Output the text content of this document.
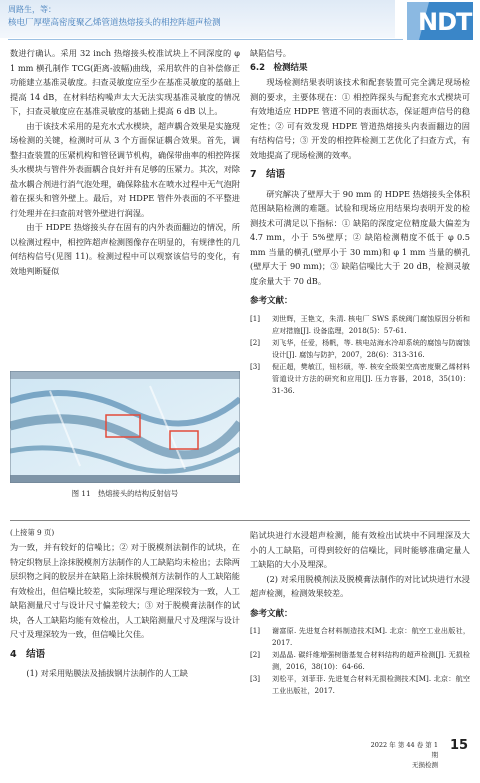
周路生，等：
核电厂厚壁高密度聚乙烯管道热熔接头的相控阵超声检测	NDT

数进行确认。采用 32 inch 热熔接头校准试块上不同深度的 φ 1 mm 横孔制作 TCG(距离-波幅)曲线，采用软件的自补偿修正功能建立基准灵敏度。扫查灵敏度应至少在基准灵敏度的基础上提高 14 dB，在材料结构噪声太大无法实现基准灵敏度的情况下，扫查灵敏度应在基准灵敏度的基础上提高 6 dB 以上。

由于该技术采用的是充水式水楔块，超声耦合效果是实施现场检测的关键，检测时可从 3 个方面保证耦合效果。首先，调整扫查装置的压紧机构和管径调节机构，确保带曲率的相控阵探头水楔块与管件外表面耦合良好并有足够的压紧力。其次，对除盐水耦合剂进行消气泡处理，确保除盐水在喷水过程中无气泡附着在探头和管外壁上。最后，对 HDPE 管件外表面的不平整进行处理并在扫查前对管外壁进行润湿。

由于 HDPE 热熔接头存在固有的内外表面翻边的情况，所以检测过程中，相控阵超声检测图像存在明显的，有规律性的几何结构信号(见图 11)。检测过程中可以观察该信号的变化，有效地判断疑似

图 11　热熔接头的结构反射信号

缺陷信号。

6.2　检测结果

现场检测结果表明该技术和配套装置可完全满足现场检测的要求，主要体现在：① 相控阵探头与配套充水式楔块可有效地适应 HDPE 管道不同的表面状态，保证超声信号的稳定性；② 可有效发现 HDPE 管道热熔接头内表面翻边的固有结构信号；③ 开发的相控阵检测工艺优化了扫查方式，有效地提高了现场检测的效率。

7　结语

研究解决了壁厚大于 90 mm 的 HDPE 热熔接头全体积范围缺陷检测的难题。试验和现场应用结果均表明开发的检测技术可满足以下指标：① 缺陷的深度定位精度最大偏差为 4.7 mm，小于 5%壁厚；② 缺陷检测精度不低于 φ 0.5 mm 当量的横孔(壁厚小于 30 mm)和 φ 1 mm 当量的横孔(壁厚大于 90 mm)；③ 缺陷信噪比大于 20 dB，检测灵敏度余量大于 70 dB。

参考文献：
[1]	刘世辉，王艳文，朱清. 核电厂 SWS 系统阀门腐蚀原因分析和应对措施[J]. 设备监理，2018(5)：57-61.
[2]	刘飞华，任爱，杨帆，等. 核电站海水冷却系统的腐蚀与防腐蚀设计[J]. 腐蚀与防护，2007，28(6)：313-316.
[3]	倪正超，樊敏江，钮杉硕，等. 核安全级架空高密度聚乙烯材料管道设计方法的研究和应用[J]. 压力容器，2018，35(10)：31-36.
(上接第 9 页)

为一致，并有较好的信噪比；② 对于脱模剂法制作的试块，在特定织物层上涂抹脱模剂方法制作的人工缺陷均未检出；去除两层织物之间的胶层并在缺陷上涂抹脱模剂方法制作的人工缺陷能有效检出，但信噪比较差，实际理深与理论理深较为一致，人工缺陷测量尺寸与设计尺寸偏差较大；③ 对于脱模膏法制作的试块，各人工缺陷均能有效检出，人工缺陷测量尺寸及理深与设计尺寸及理深较为一致，但信噪比欠佳。

4　结语

(1) 对采用贴膜法及插拔钢片法制作的人工缺

陷试块进行水浸超声检测，能有效检出试块中不同埋深及大小的人工缺陷，可得到较好的信噪比，同时能够准确定量人工缺陷的大小及埋深。

(2) 对采用脱模剂法及脱模膏法制作的对比试块进行水浸超声检测，检测效果较差。

参考文献：
[1]	谢富原. 先进复合材料制造技术[M]. 北京：航空工业出版社，2017.
[2]	刘晶晶. 碳纤维增强树脂基复合材料结构的超声检测[J]. 无损检测，2016，38(10)：64-66.
[3]	刘松平，刘菲菲. 先进复合材料无损检测技术[M]. 北京：航空工业出版社，2017.
2022 年 第 44 卷 第 1 期
无损检测
15
